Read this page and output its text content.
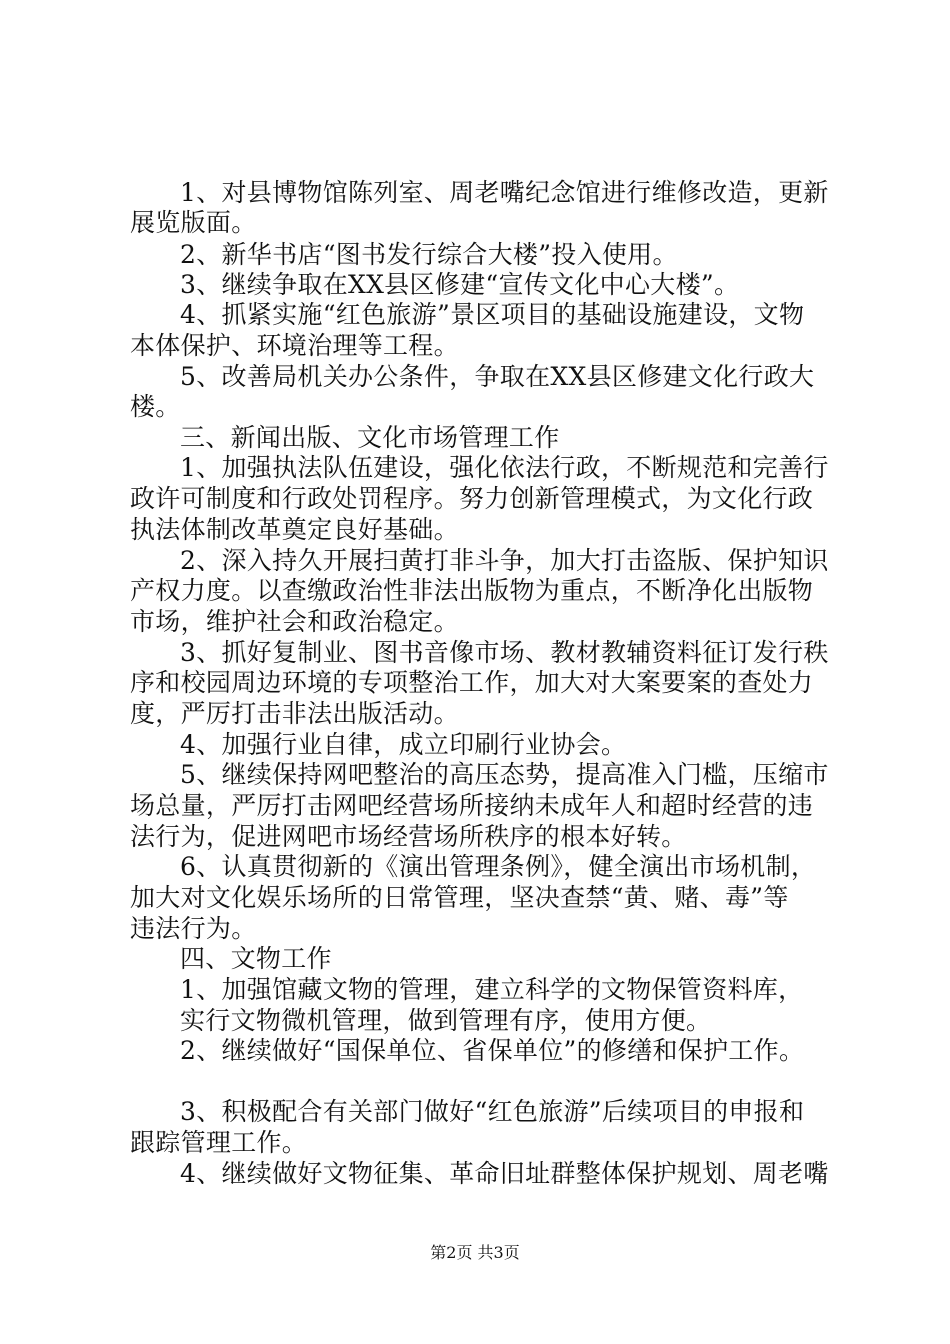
1、对县博物馆陈列室、周老嘴纪念馆进行维修改造，更新
展览版面。
2、新华书店“图书发行综合大楼”投入使用。
3、继续争取在XX县区修建“宣传文化中心大楼”。
4、抓紧实施“红色旅游”景区项目的基础设施建设，文物
本体保护、环境治理等工程。
5、改善局机关办公条件，争取在XX县区修建文化行政大
楼。
三、新闻出版、文化市场管理工作
1、加强执法队伍建设，强化依法行政，不断规范和完善行
政许可制度和行政处罚程序。努力创新管理模式，为文化行政
执法体制改革奠定良好基础。
2、深入持久开展扫黄打非斗争，加大打击盗版、保护知识
产权力度。以查缴政治性非法出版物为重点，不断净化出版物
市场，维护社会和政治稳定。
3、抓好复制业、图书音像市场、教材教辅资料征订发行秩
序和校园周边环境的专项整治工作，加大对大案要案的查处力
度，严厉打击非法出版活动。
4、加强行业自律，成立印刷行业协会。
5、继续保持网吧整治的高压态势，提高准入门槛，压缩市
场总量，严厉打击网吧经营场所接纳未成年人和超时经营的违
法行为，促进网吧市场经营场所秩序的根本好转。
6、认真贯彻新的《演出管理条例》，健全演出市场机制，
加大对文化娱乐场所的日常管理，坚决查禁“黄、赌、毒”等
违法行为。
四、文物工作
1、加强馆藏文物的管理，建立科学的文物保管资料库，
实行文物微机管理，做到管理有序，使用方便。
2、继续做好“国保单位、省保单位”的修缮和保护工作。
3、积极配合有关部门做好“红色旅游”后续项目的申报和
跟踪管理工作。
4、继续做好文物征集、革命旧址群整体保护规划、周老嘴
第2页 共3页
